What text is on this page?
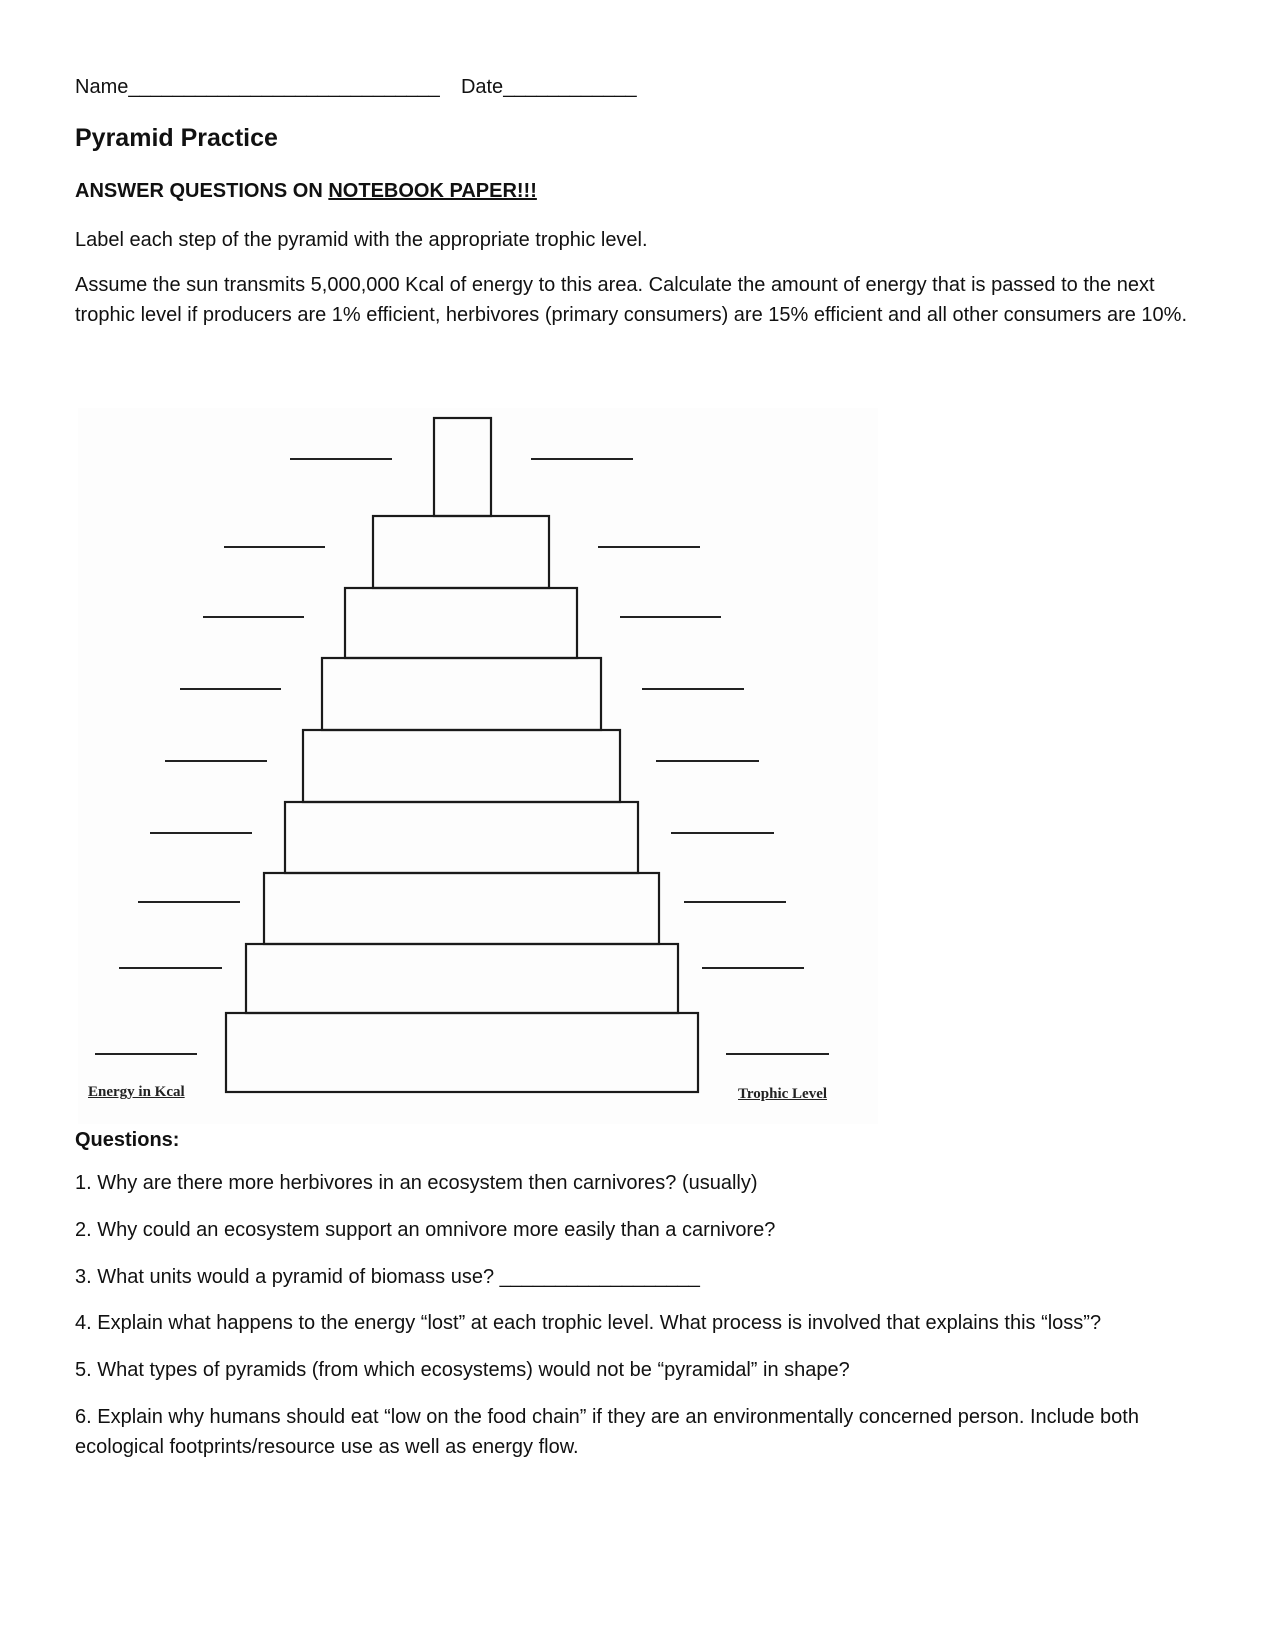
Name____________________________ Date____________
Pyramid Practice
ANSWER QUESTIONS ON NOTEBOOK PAPER!!!
Label each step of the pyramid with the appropriate trophic level.
Assume the sun transmits 5,000,000 Kcal of energy to this area. Calculate the amount of energy that is passed to the next trophic level if producers are 1% efficient, herbivores (primary consumers) are 15% efficient and all other consumers are 10%.
Energy in Kcal	Trophic Level
Questions:
1. Why are there more herbivores in an ecosystem then carnivores? (usually)
2. Why could an ecosystem support an omnivore more easily than a carnivore?
3. What units would a pyramid of biomass use? __________________
4. Explain what happens to the energy “lost” at each trophic level. What process is involved that explains this “loss”?
5. What types of pyramids (from which ecosystems) would not be “pyramidal” in shape?
6. Explain why humans should eat “low on the food chain” if they are an environmentally concerned person. Include both ecological footprints/resource use as well as energy flow.
